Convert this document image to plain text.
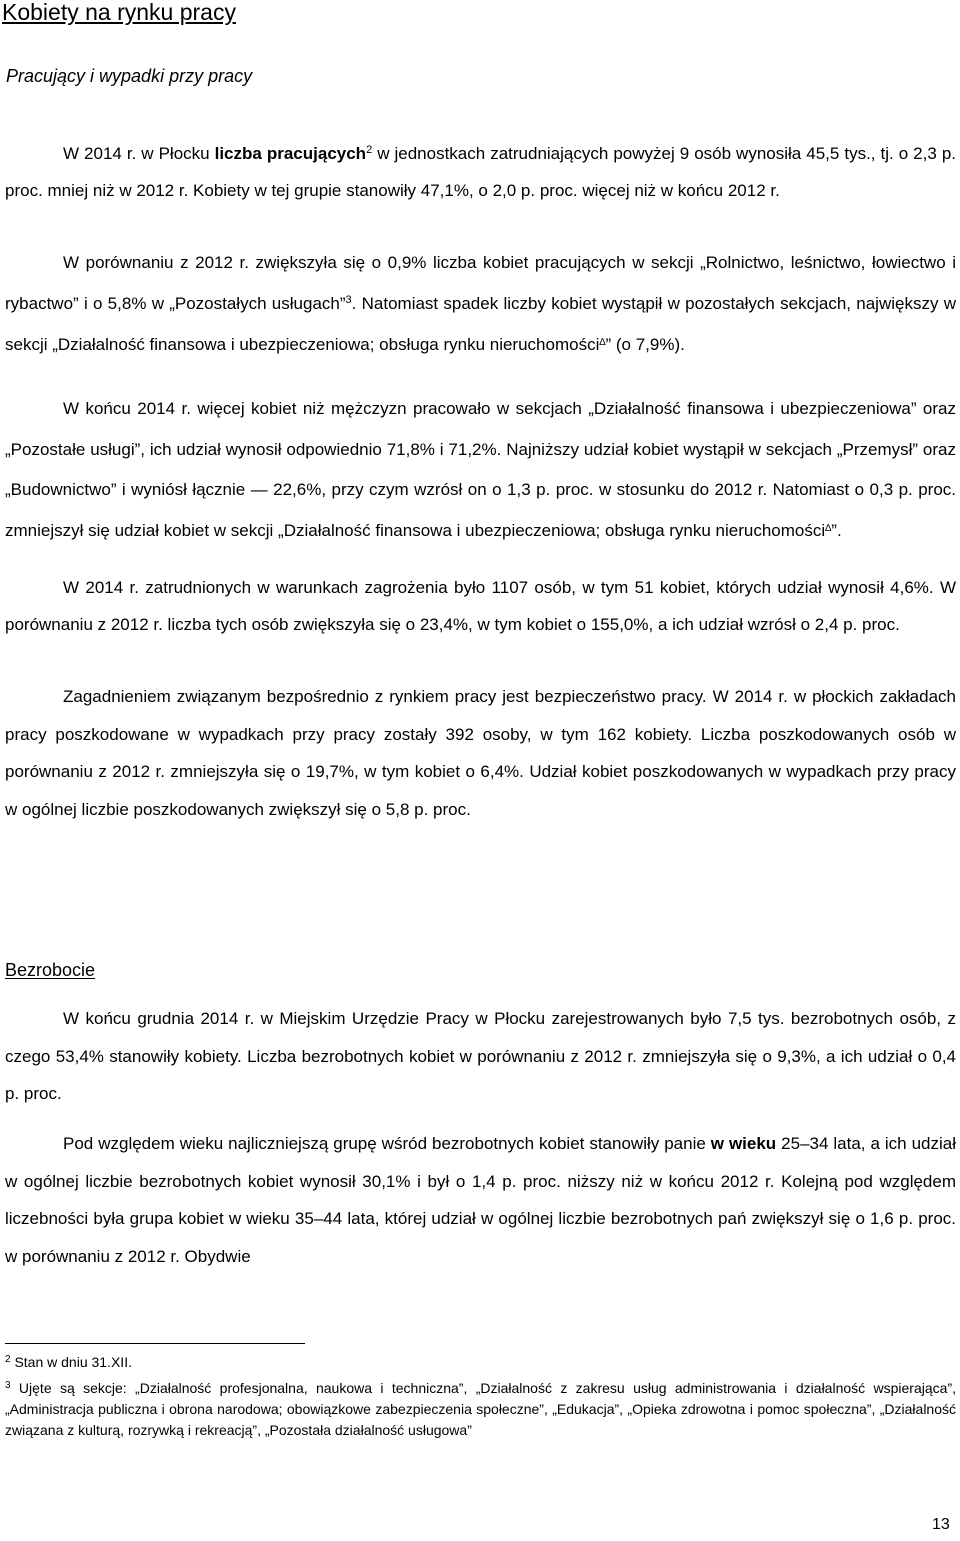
Kobiety na rynku pracy
Pracujący i wypadki przy pracy

W 2014 r. w Płocku liczba pracujących$^2$ w jednostkach zatrudniających powyżej 9 osób wynosiła 45,5 tys., tj. o 2,3 p. proc. mniej niż w 2012 r. Kobiety w tej grupie stanowiły 47,1%, o 2,0 p. proc. więcej niż w końcu 2012 r.

W porównaniu z 2012 r. zwiększyła się o 0,9% liczba kobiet pracujących w sekcji „Rolnictwo, leśnictwo, łowiectwo i rybactwo” i o 5,8% w „Pozostałych usługach”$^3$. Natomiast spadek liczby kobiet wystąpił w pozostałych sekcjach, największy w sekcji „Działalność finansowa i ubezpieczeniowa; obsługa rynku nieruchomości∆” (o 7,9%).

W końcu 2014 r. więcej kobiet niż mężczyzn pracowało w sekcjach „Działalność finansowa i ubezpieczeniowa” oraz „Pozostałe usługi”, ich udział wynosił odpowiednio 71,8% i 71,2%. Najniższy udział kobiet wystąpił w sekcjach „Przemysł” oraz „Budownictwo” i wyniósł łącznie — 22,6%, przy czym wzrósł on o 1,3 p. proc. w stosunku do 2012 r. Natomiast o 0,3 p. proc. zmniejszył się udział kobiet w sekcji „Działalność finansowa i ubezpieczeniowa; obsługa rynku nieruchomości∆”.

W 2014 r. zatrudnionych w warunkach zagrożenia było 1107 osób, w tym 51 kobiet, których udział wynosił 4,6%. W porównaniu z 2012 r. liczba tych osób zwiększyła się o 23,4%, w tym kobiet o 155,0%, a ich udział wzrósł o 2,4 p. proc.

Zagadnieniem związanym bezpośrednio z rynkiem pracy jest bezpieczeństwo pracy. W 2014 r. w płockich zakładach pracy poszkodowane w wypadkach przy pracy zostały 392 osoby, w tym 162 kobiety. Liczba poszkodowanych osób w porównaniu z 2012 r. zmniejszyła się o 19,7%, w tym kobiet o 6,4%. Udział kobiet poszkodowanych w wypadkach przy pracy w ogólnej liczbie poszkodowanych zwiększył się o 5,8 p. proc.

Bezrobocie

W końcu grudnia 2014 r. w Miejskim Urzędzie Pracy w Płocku zarejestrowanych było 7,5 tys. bezrobotnych osób, z czego 53,4% stanowiły kobiety. Liczba bezrobotnych kobiet w porównaniu z 2012 r. zmniejszyła się o 9,3%, a ich udział o 0,4 p. proc.

Pod względem wieku najliczniejszą grupę wśród bezrobotnych kobiet stanowiły panie w wieku 25–34 lata, a ich udział w ogólnej liczbie bezrobotnych kobiet wynosił 30,1% i był o 1,4 p. proc. niższy niż w końcu 2012 r. Kolejną pod względem liczebności była grupa kobiet w wieku 35–44 lata, której udział w ogólnej liczbie bezrobotnych pań zwiększył się o 1,6 p. proc. w porównaniu z 2012 r. Obydwie

$^2$ Stan w dniu 31.XII.

$^3$ Ujęte są sekcje: „Działalność profesjonalna, naukowa i techniczna”, „Działalność z zakresu usług administrowania i działalność wspierająca”, „Administracja publiczna i obrona narodowa; obowiązkowe zabezpieczenia społeczne”, „Edukacja”, „Opieka zdrowotna i pomoc społeczna”, „Działalność związana z kulturą, rozrywką i rekreacją”, „Pozostała działalność usługowa”

13
